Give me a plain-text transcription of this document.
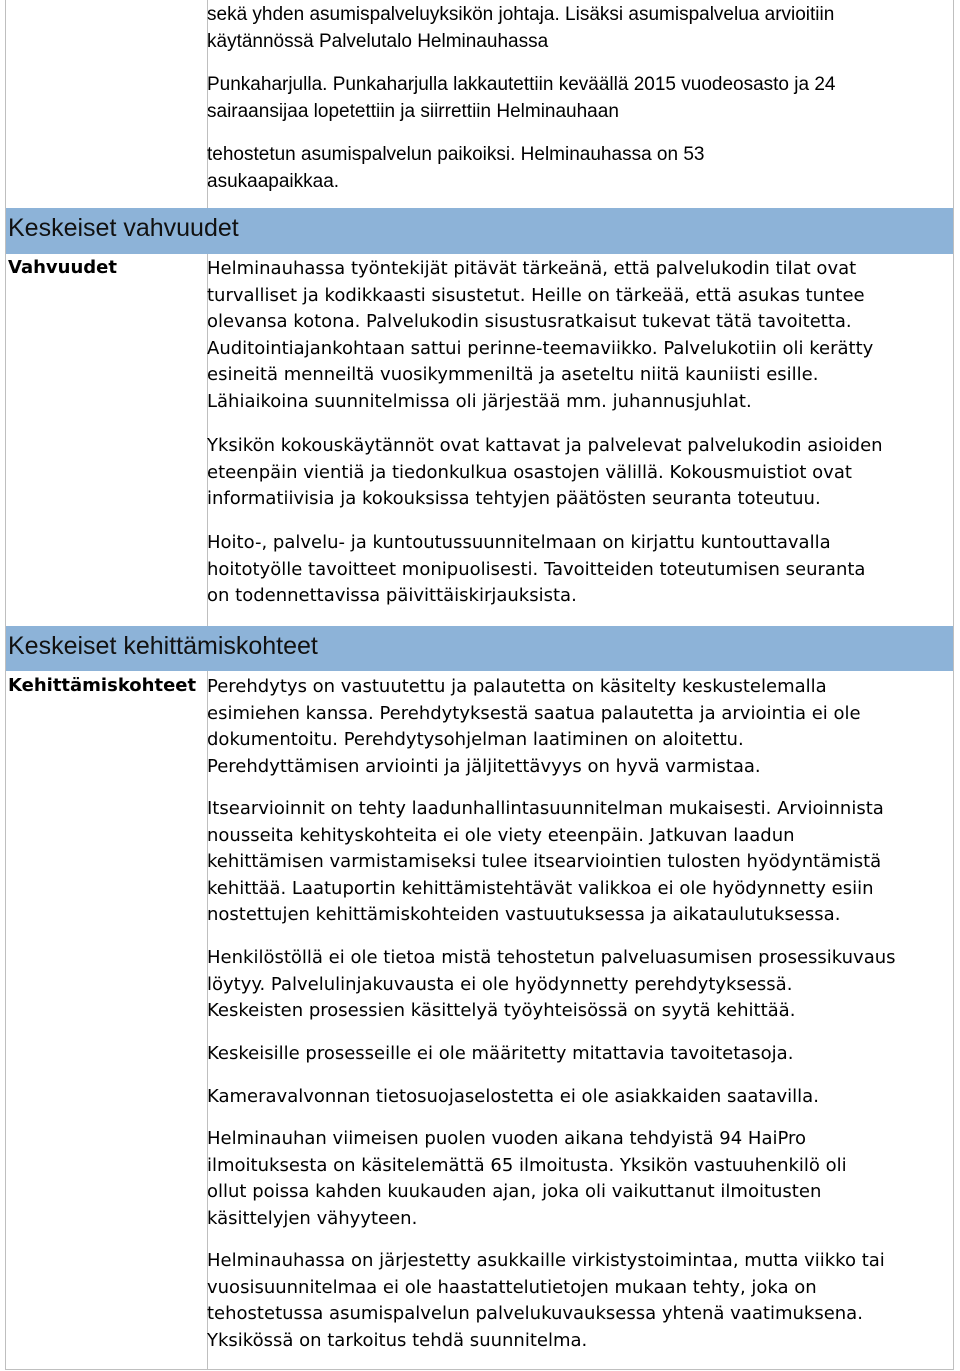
sekä yhden asumispalveluyksikön johtaja. Lisäksi asumispalvelua arvioitiin
käytännössä Palvelutalo Helminauhassa
Punkaharjulla. Punkaharjulla lakkautettiin keväällä 2015 vuodeosasto ja 24
sairaansijaa lopetettiin ja siirrettiin Helminauhaan
tehostetun asumispalvelun paikoiksi. Helminauhassa on 53
asukaapaikkaa.
Keskeiset vahvuudet
Vahvuudet	Helminauhassa työntekijät pitävät tärkeänä, että palvelukodin tilat ovat
turvalliset ja kodikkaasti sisustetut. Heille on tärkeää, että asukas tuntee
olevansa kotona. Palvelukodin sisustusratkaisut tukevat tätä tavoitetta.
Auditointiajankohtaan sattui perinne-teemaviikko. Palvelukotiin oli kerätty
esineitä menneiltä vuosikymmeniltä ja aseteltu niitä kauniisti esille.
Lähiaikoina suunnitelmissa oli järjestää mm. juhannusjuhlat.
Yksikön kokouskäytännöt ovat kattavat ja palvelevat palvelukodin asioiden
eteenpäin vientiä ja tiedonkulkua osastojen välillä. Kokousmuistiot ovat
informatiivisia ja kokouksissa tehtyjen päätösten seuranta toteutuu.
Hoito-, palvelu- ja kuntoutussuunnitelmaan on kirjattu kuntouttavalla
hoitotyölle tavoitteet monipuolisesti. Tavoitteiden toteutumisen seuranta
on todennettavissa päivittäiskirjauksista.
Keskeiset kehittämiskohteet
Kehittämiskohteet Perehdytys on vastuutettu ja palautetta on käsitelty keskustelemalla
esimiehen kanssa. Perehdytyksestä saatua palautetta ja arviointia ei ole
dokumentoitu. Perehdytysohjelman laatiminen on aloitettu.
Perehdyttämisen arviointi ja jäljitettävyys on hyvä varmistaa.
Itsearvioinnit on tehty laadunhallintasuunnitelman mukaisesti. Arvioinnista
nousseita kehityskohteita ei ole viety eteenpäin. Jatkuvan laadun
kehittämisen varmistamiseksi tulee itsearviointien tulosten hyödyntämistä
kehittää. Laatuportin kehittämistehtävät valikkoa ei ole hyödynnetty esiin
nostettujen kehittämiskohteiden vastuutuksessa ja aikataulutuksessa.
Henkilöstöllä ei ole tietoa mistä tehostetun palveluasumisen prosessikuvaus
löytyy. Palvelulinjakuvausta ei ole hyödynnetty perehdytyksessä.
Keskeisten prosessien käsittelyä työyhteisössä on syytä kehittää.
Keskeisille prosesseille ei ole määritetty mitattavia tavoitetasoja.
Kameravalvonnan tietosuojaselostetta ei ole asiakkaiden saatavilla.
Helminauhan viimeisen puolen vuoden aikana tehdyistä 94 HaiPro
ilmoituksesta on käsitelemättä 65 ilmoitusta. Yksikön vastuuhenkilö oli
ollut poissa kahden kuukauden ajan, joka oli vaikuttanut ilmoitusten
käsittelyjen vähyyteen.
Helminauhassa on järjestetty asukkaille virkistystoimintaa, mutta viikko tai
vuosisuunnitelmaa ei ole haastattelutietojen mukaan tehty, joka on
tehostetussa asumispalvelun palvelukuvauksessa yhtenä vaatimuksena.
Yksikössä on tarkoitus tehdä suunnitelma.
